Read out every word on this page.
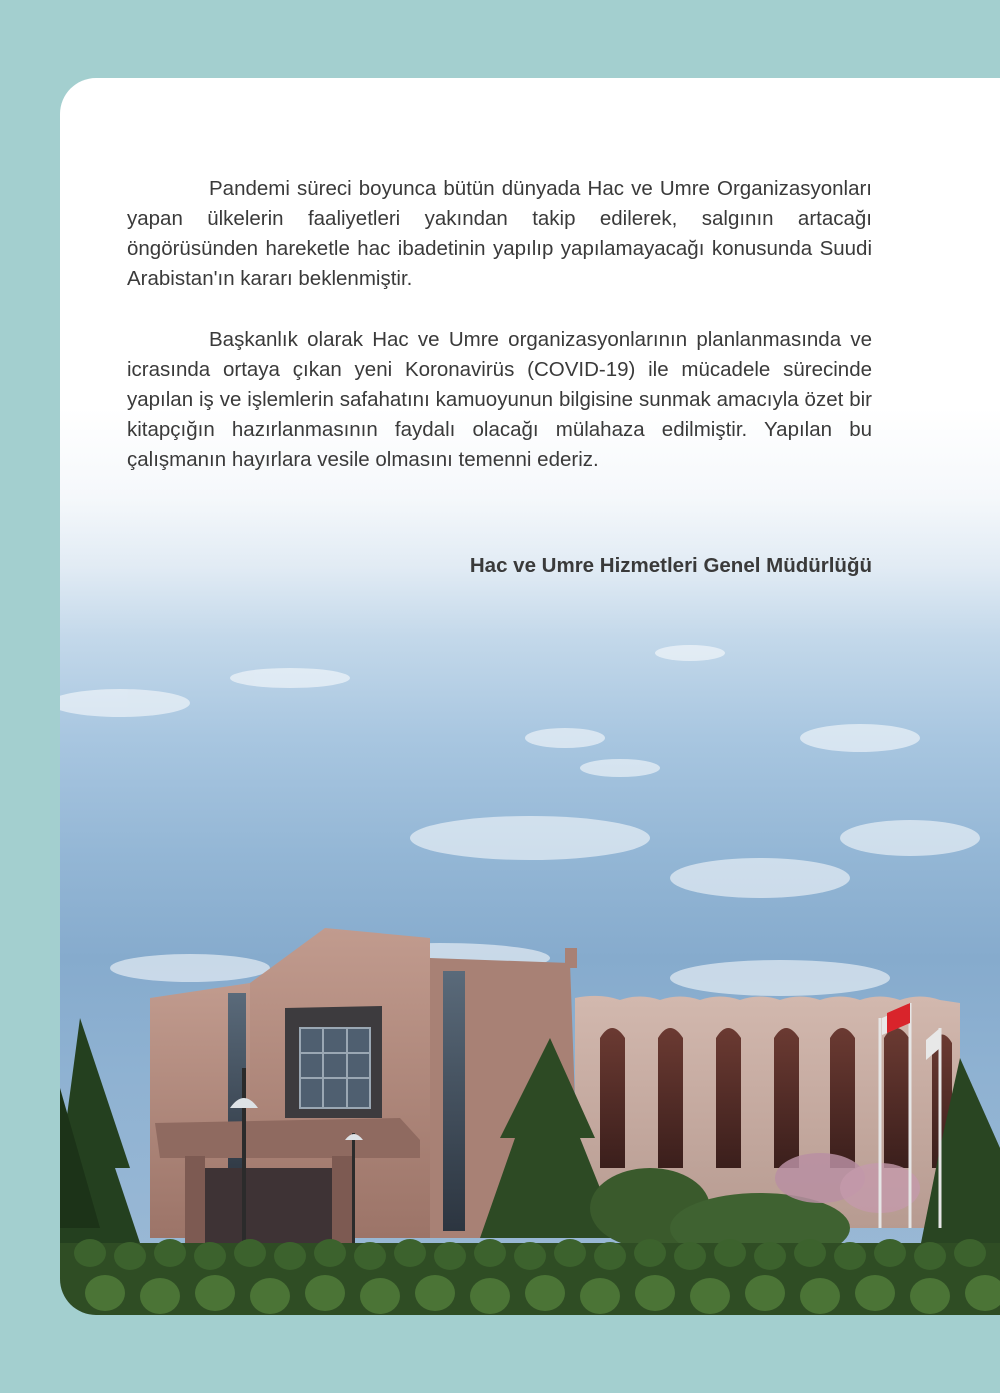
Pandemi süreci boyunca bütün dünyada Hac ve Umre Organizasyonları yapan ülkelerin faaliyetleri yakından takip edilerek, salgının artacağı öngörüsünden hareketle hac ibadetinin yapılıp yapılamayacağı konusunda Suudi Arabistan'ın kararı beklenmiştir.

Başkanlık olarak Hac ve Umre organizasyonlarının planlanmasında ve icrasında ortaya çıkan yeni Koronavirüs (COVID-19) ile mücadele sürecinde yapılan iş ve işlemlerin safahatını kamuoyunun bilgisine sunmak amacıyla özet bir kitapçığın hazırlanmasının faydalı olacağı mülahaza edilmiştir. Yapılan bu çalışmanın hayırlara vesile olmasını temenni ederiz.

Hac ve Umre Hizmetleri Genel Müdürlüğü
